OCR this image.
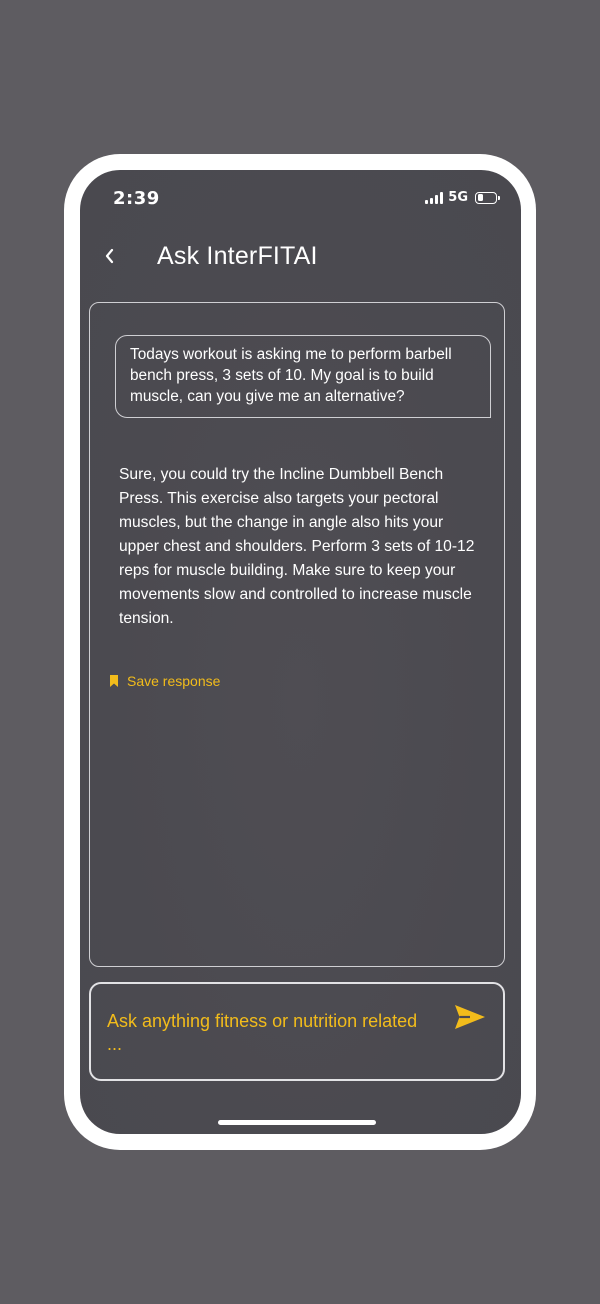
2:39	5G
Ask InterFITAI
Todays workout is asking me to perform barbell bench press, 3 sets of 10. My goal is to build muscle, can you give me an alternative?
Sure, you could try the Incline Dumbbell Bench Press. This exercise also targets your pectoral muscles, but the change in angle also hits your upper chest and shoulders. Perform 3 sets of 10-12 reps for muscle building. Make sure to keep your movements slow and controlled to increase muscle tension.
Save response
Ask anything fitness or nutrition related ...
